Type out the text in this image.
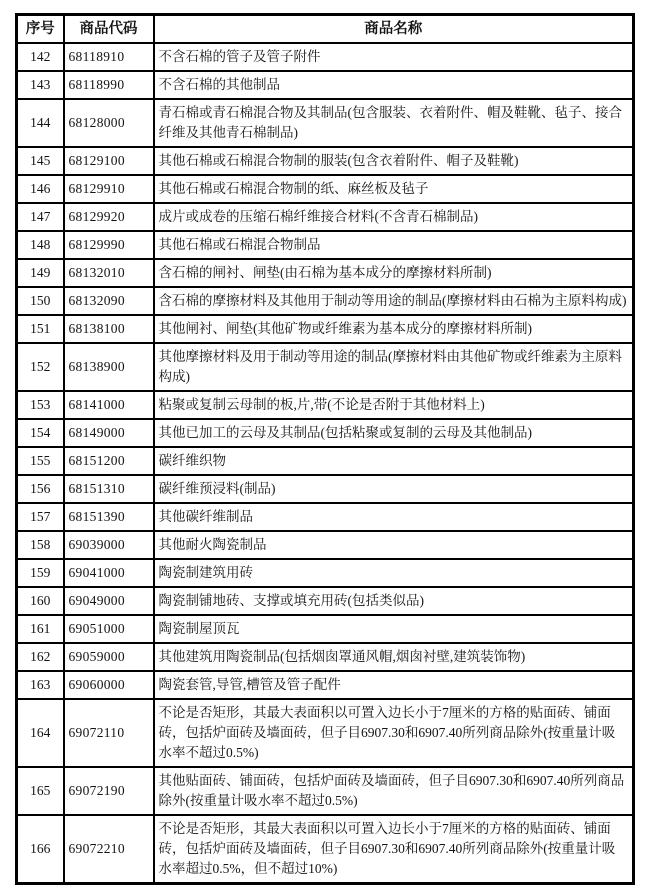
序号	商品代码	商品名称
142	68118910	不含石棉的管子及管子附件
143	68118990	不含石棉的其他制品
144	68128000	青石棉或青石棉混合物及其制品(包含服装、衣着附件、帽及鞋靴、毡子、接合纤维及其他青石棉制品)
145	68129100	其他石棉或石棉混合物制的服装(包含衣着附件、帽子及鞋靴)
146	68129910	其他石棉或石棉混合物制的纸、麻丝板及毡子
147	68129920	成片或成卷的压缩石棉纤维接合材料(不含青石棉制品)
148	68129990	其他石棉或石棉混合物制品
149	68132010	含石棉的闸衬、闸垫(由石棉为基本成分的摩擦材料所制)
150	68132090	含石棉的摩擦材料及其他用于制动等用途的制品(摩擦材料由石棉为主原料构成)
151	68138100	其他闸衬、闸垫(其他矿物或纤维素为基本成分的摩擦材料所制)
152	68138900	其他摩擦材料及用于制动等用途的制品(摩擦材料由其他矿物或纤维素为主原料构成)
153	68141000	粘聚或复制云母制的板,片,带(不论是否附于其他材料上)
154	68149000	其他已加工的云母及其制品(包括粘聚或复制的云母及其他制品)
155	68151200	碳纤维织物
156	68151310	碳纤维预浸料(制品)
157	68151390	其他碳纤维制品
158	69039000	其他耐火陶瓷制品
159	69041000	陶瓷制建筑用砖
160	69049000	陶瓷制铺地砖、支撑或填充用砖(包括类似品)
161	69051000	陶瓷制屋顶瓦
162	69059000	其他建筑用陶瓷制品(包括烟囱罩通风帽,烟囱衬壁,建筑装饰物)
163	69060000	陶瓷套管,导管,槽管及管子配件
164	69072110	不论是否矩形，其最大表面积以可置入边长小于7厘米的方格的贴面砖、铺面砖，包括炉面砖及墙面砖，但子目6907.30和6907.40所列商品除外(按重量计吸水率不超过0.5%)
165	69072190	其他贴面砖、铺面砖，包括炉面砖及墙面砖，但子目6907.30和6907.40所列商品除外(按重量计吸水率不超过0.5%)
166	69072210	不论是否矩形，其最大表面积以可置入边长小于7厘米的方格的贴面砖、铺面砖，包括炉面砖及墙面砖，但子目6907.30和6907.40所列商品除外(按重量计吸水率超过0.5%，但不超过10%)
